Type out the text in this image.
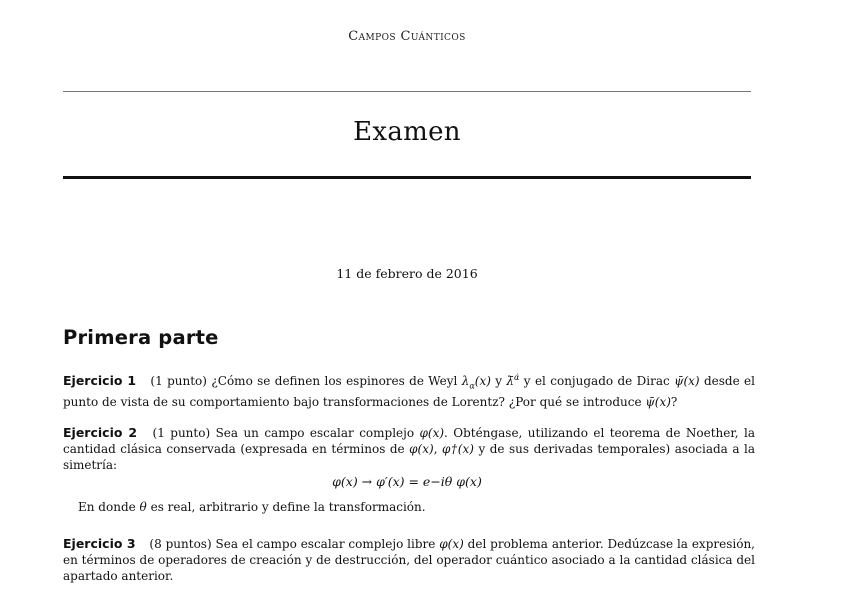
Campos Cuánticos
Examen
11 de febrero de 2016
Primera parte
Ejercicio 1 (1 punto) ¿Cómo se definen los espinores de Weyl $\lambda_\alpha(x)$ y λ̄$^{\alphȧ}$ y el conjugado de Dirac ψ̄(x) desde el punto de vista de su comportamiento bajo transformaciones de Lorentz? ¿Por qué se introduce ψ̄(x)?
Ejercicio 2 (1 punto) Sea un campo escalar complejo φ(x). Obténgase, utilizando el teorema de Noether, la cantidad clásica conservada (expresada en términos de φ(x), φ†(x) y de sus derivadas temporales) asociada a la simetría:
φ(x) → φ′(x) = e−iθ φ(x)
En donde θ es real, arbitrario y define la transformación.
Ejercicio 3 (8 puntos) Sea el campo escalar complejo libre φ(x) del problema anterior. Dedúzcase la expresión, en términos de operadores de creación y de destrucción, del operador cuántico asociado a la cantidad clásica del apartado anterior.
